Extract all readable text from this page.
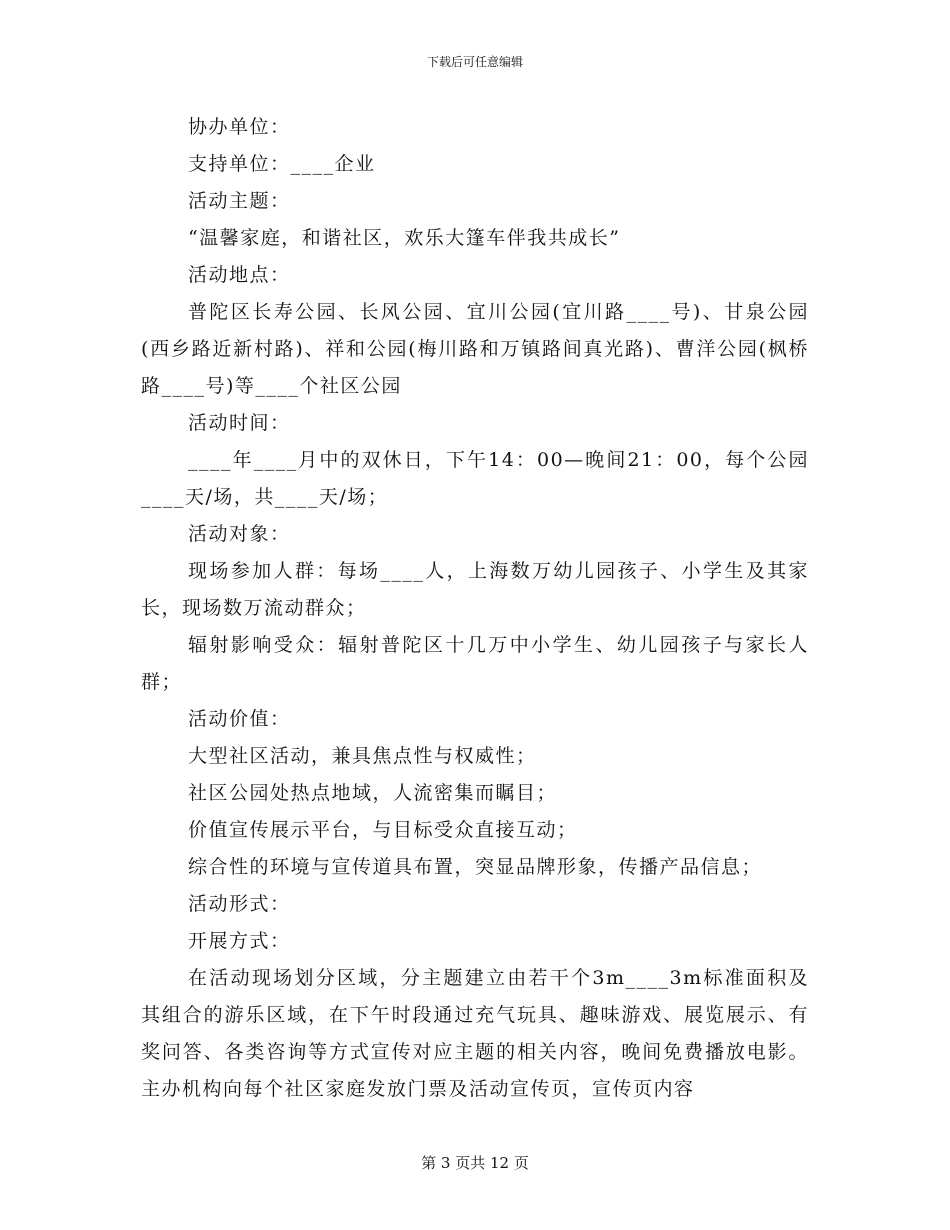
下载后可任意编辑

协办单位：

支持单位：____企业

活动主题：

“温馨家庭，和谐社区，欢乐大篷车伴我共成长”

活动地点：

普陀区长寿公园、长风公园、宜川公园(宜川路____号)、甘泉公园(西乡路近新村路)、祥和公园(梅川路和万镇路间真光路)、曹洋公园(枫桥路____号)等____个社区公园

活动时间：

____年____月中的双休日，下午14：00—晚间21：00，每个公园____天/场，共____天/场；

活动对象：

现场参加人群：每场____人，上海数万幼儿园孩子、小学生及其家长，现场数万流动群众；

辐射影响受众：辐射普陀区十几万中小学生、幼儿园孩子与家长人群；

活动价值：

大型社区活动，兼具焦点性与权威性；

社区公园处热点地域，人流密集而瞩目；

价值宣传展示平台，与目标受众直接互动；

综合性的环境与宣传道具布置，突显品牌形象，传播产品信息；

活动形式：

开展方式：

在活动现场划分区域，分主题建立由若干个3m____3m标准面积及其组合的游乐区域，在下午时段通过充气玩具、趣味游戏、展览展示、有奖问答、各类咨询等方式宣传对应主题的相关内容，晚间免费播放电影。主办机构向每个社区家庭发放门票及活动宣传页，宣传页内容

第 3 页共 12 页
